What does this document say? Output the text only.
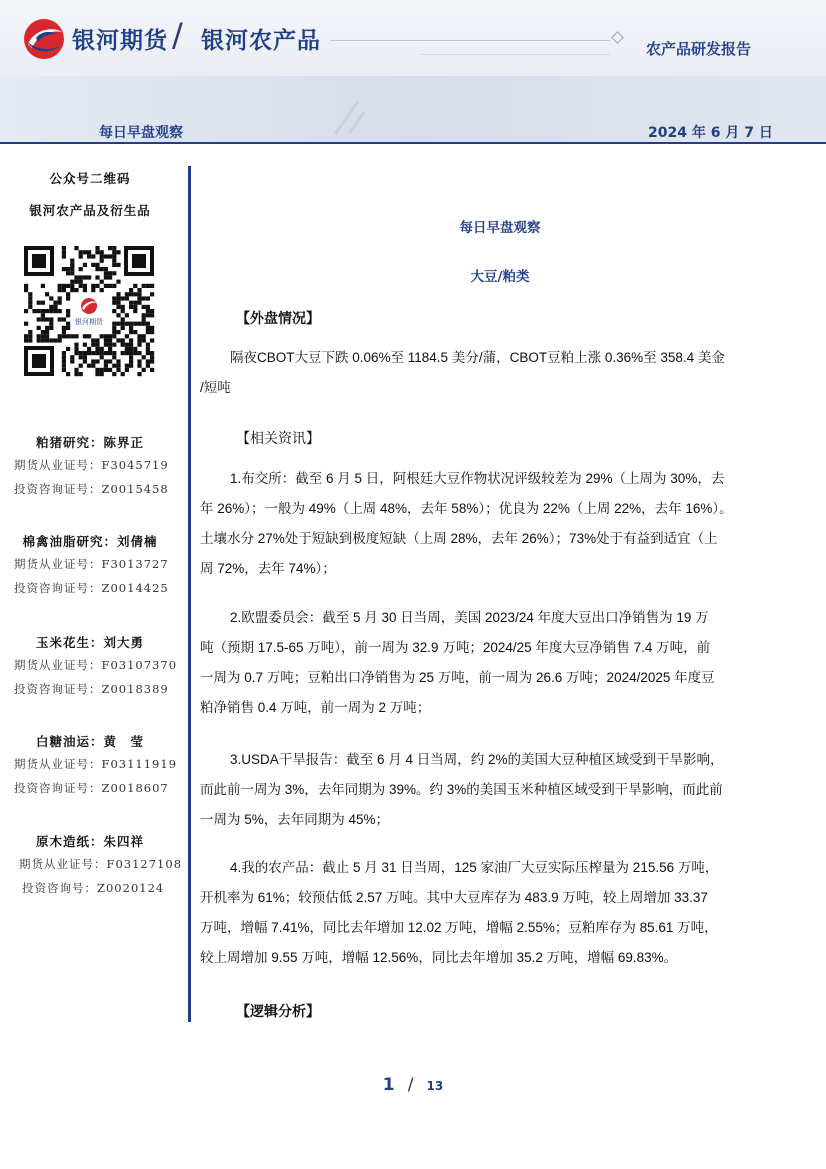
银河期货 / 银河农产品	农产品研发报告
每日早盘观察	2024 年 6 月 7 日
公众号二维码
银河农产品及衍生品
银河期货
粕猪研究：陈界正
期货从业证号：F3045719
投资咨询证号：Z0015458
棉禽油脂研究：刘倩楠
期货从业证号：F3013727
投资咨询证号：Z0014425
玉米花生：刘大勇
期货从业证号：F03107370
投资咨询证号：Z0018389
白糖油运：黄　莹
期货从业证号：F03111919
投资咨询证号：Z0018607
原木造纸：朱四祥
期货从业证号：F03127108
投资咨询号：Z0020124
每日早盘观察
大豆/粕类
【外盘情况】
隔夜CBOT大豆下跌 0.06%至 1184.5 美分/蒲，CBOT豆粕上涨 0.36%至 358.4 美金
/短吨
【相关资讯】
1.布交所：截至 6 月 5 日，阿根廷大豆作物状况评级较差为 29%（上周为 30%，去
年 26%）；一般为 49%（上周 48%，去年 58%）；优良为 22%（上周 22%，去年 16%）。
土壤水分 27%处于短缺到极度短缺（上周 28%，去年 26%）；73%处于有益到适宜（上
周 72%，去年 74%）；
2.欧盟委员会：截至 5 月 30 日当周，美国 2023/24 年度大豆出口净销售为 19 万
吨（预期 17.5-65 万吨），前一周为 32.9 万吨；2024/25 年度大豆净销售 7.4 万吨，前
一周为 0.7 万吨；豆粕出口净销售为 25 万吨，前一周为 26.6 万吨；2024/2025 年度豆
粕净销售 0.4 万吨，前一周为 2 万吨；
3.USDA干旱报告：截至 6 月 4 日当周，约 2%的美国大豆种植区域受到干旱影响，
而此前一周为 3%，去年同期为 39%。约 3%的美国玉米种植区域受到干旱影响，而此前
一周为 5%，去年同期为 45%；
4.我的农产品：截止 5 月 31 日当周，125 家油厂大豆实际压榨量为 215.56 万吨，
开机率为 61%；较预估低 2.57 万吨。其中大豆库存为 483.9 万吨，较上周增加 33.37
万吨，增幅 7.41%，同比去年增加 12.02 万吨，增幅 2.55%；豆粕库存为 85.61 万吨，
较上周增加 9.55 万吨，增幅 12.56%，同比去年增加 35.2 万吨，增幅 69.83%。
【逻辑分析】
1 / 13
